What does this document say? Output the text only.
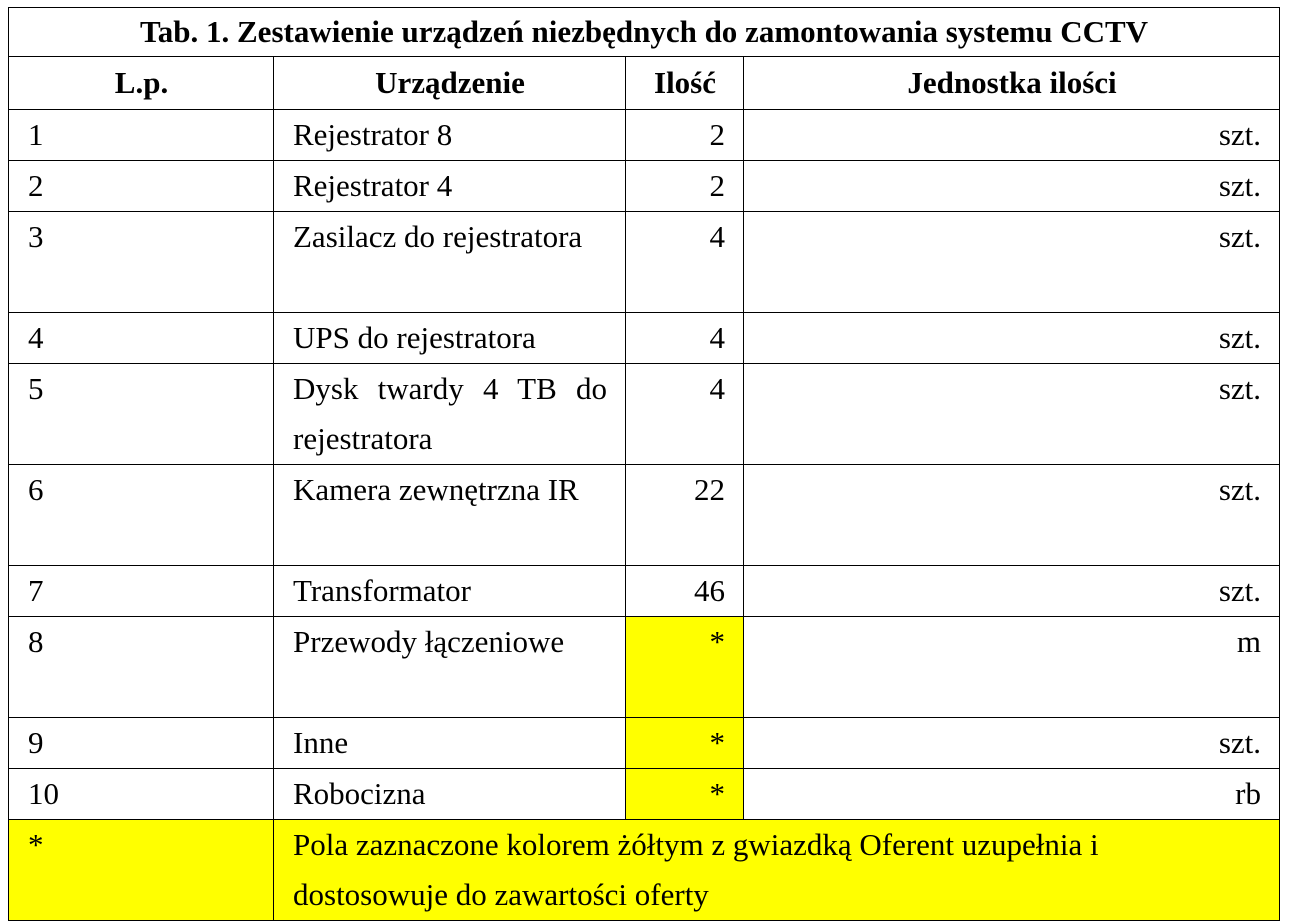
Tab. 1. Zestawienie urządzeń niezbędnych do zamontowania systemu CCTV			
L.p.	Urządzenie	Ilość	Jednostka ilości
1	Rejestrator 8	2	szt.
2	Rejestrator 4	2	szt.
3	Zasilacz do rejestratora	4	szt.
4	UPS do rejestratora	4	szt.
5	Dysk twardy 4 TB do rejestratora	4	szt.
6	Kamera zewnętrzna IR	22	szt.
7	Transformator	46	szt.
8	Przewody łączeniowe	*	m
9	Inne	*	szt.
10	Robocizna	*	rb
*	Pola zaznaczone kolorem żółtym z gwiazdką Oferent uzupełnia i dostosowuje do zawartości oferty		
